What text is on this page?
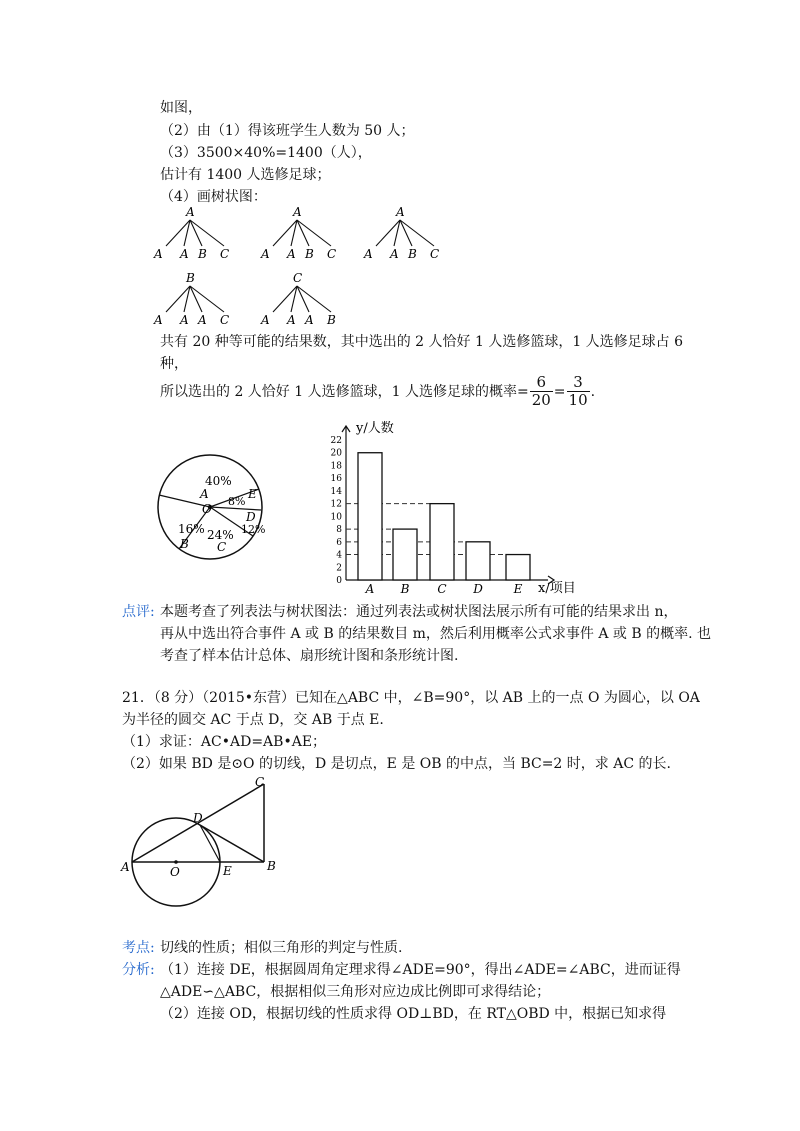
如图，
（2）由（1）得该班学生人数为 50 人；
（3）3500×40%=1400（人），
估计有 1400 人选修足球；
（4）画树状图：
A
A A B C
A
A A B C
A
A A B C
B
A A A C
C
A A A B
共有 20 种等可能的结果数，其中选出的 2 人恰好 1 人选修篮球，1 人选修足球占 6
种，
所以选出的 2 人恰好 1 人选修篮球，1 人选修足球的概率= $\frac{6}{20} = \frac{3}{10}$ .
40%
A
8%
E
D
12%
24%
C
16%
B
O
0
2
4
6
8
10
12
14
16
18
20
22
A B C D	E
y/人数
x/项目
点评: 本题考查了列表法与树状图法：通过列表法或树状图法展示所有可能的结果求出 n，
再从中选出符合事件 A 或 B 的结果数目 m，然后利用概率公式求事件 A 或 B 的概率. 也
考查了样本估计总体、扇形统计图和条形统计图.
21．（8 分）（2015•东营）已知在△ABC 中，∠B=90°，以 AB 上的一点 O 为圆心，以 OA
为半径的圆交 AC 于点 D，交 AB 于点 E.
（1）求证：AC•AD=AB•AE；
（2）如果 BD 是⊙O 的切线，D 是切点，E 是 OB 的中点，当 BC=2 时，求 AC 的长.
A	B
C
D
E
O
考点: 切线的性质；相似三角形的判定与性质.
分析: （1）连接 DE，根据圆周角定理求得∠ADE=90°，得出∠ADE=∠ABC，进而证得
△ADE∽△ABC，根据相似三角形对应边成比例即可求得结论；
（2）连接 OD，根据切线的性质求得 OD⊥BD，在 RT△OBD 中，根据已知求得
